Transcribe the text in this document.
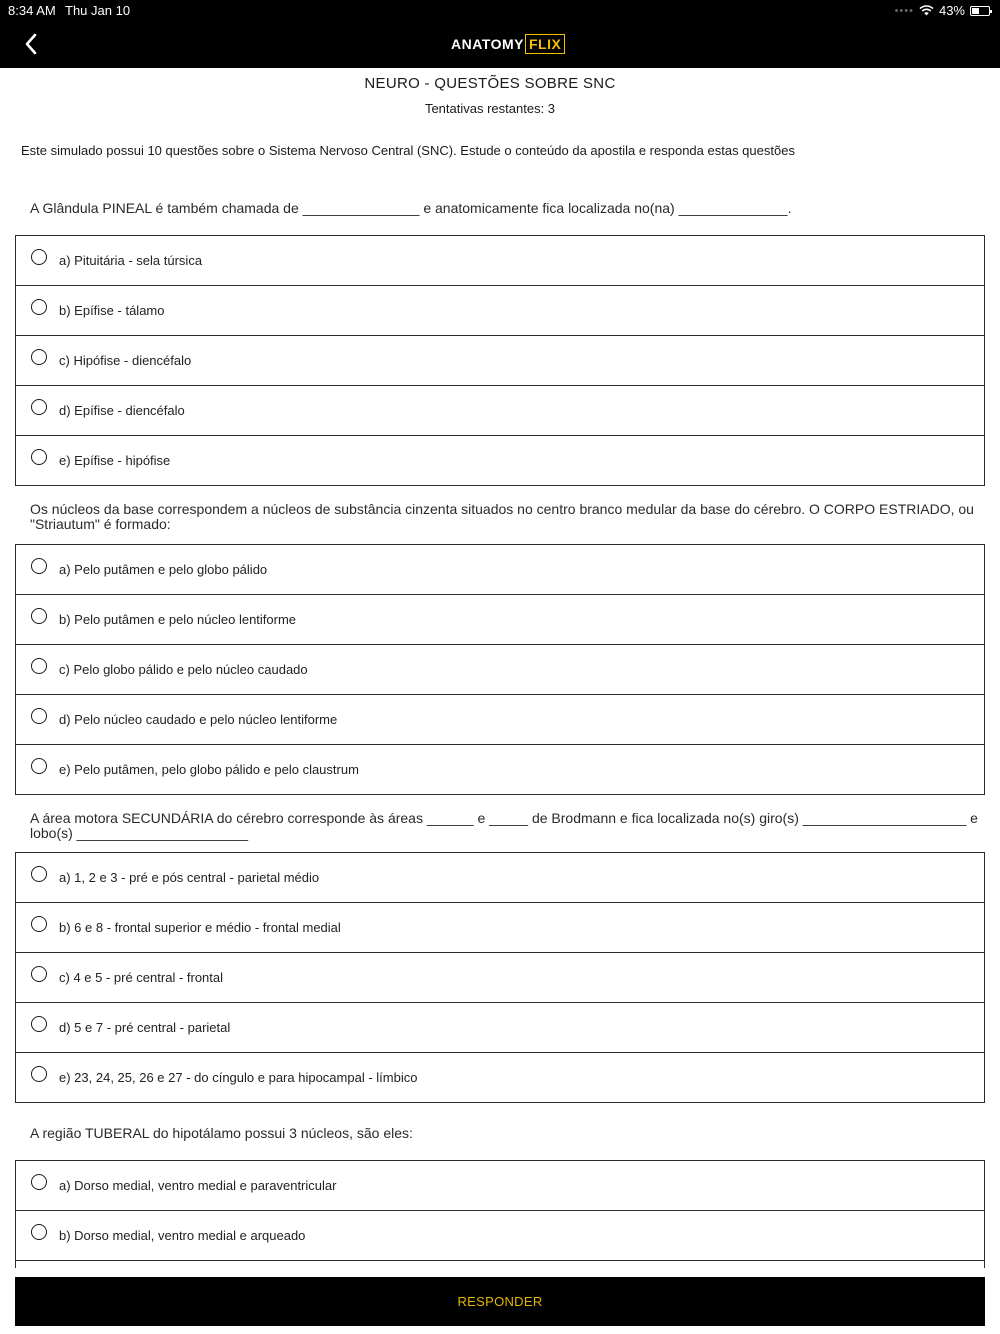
8:34 AM Thu Jan 10	•••• 43%
ANATOMY FLIX
NEURO - QUESTÕES SOBRE SNC
Tentativas restantes: 3
Este simulado possui 10 questões sobre o Sistema Nervoso Central (SNC). Estude o conteúdo da apostila e responda estas questões
A Glândula PINEAL é também chamada de _______________ e anatomicamente fica localizada no(na) ______________.
a) Pituitária - sela túrsica
b) Epífise - tálamo
c) Hipófise - diencéfalo
d) Epífise - diencéfalo
e) Epífise - hipófise
Os núcleos da base correspondem a núcleos de substância cinzenta situados no centro branco medular da base do cérebro. O CORPO ESTRIADO, ou "Striautum" é formado:
a) Pelo putâmen e pelo globo pálido
b) Pelo putâmen e pelo núcleo lentiforme
c) Pelo globo pálido e pelo núcleo caudado
d) Pelo núcleo caudado e pelo núcleo lentiforme
e) Pelo putâmen, pelo globo pálido e pelo claustrum
A área motora SECUNDÁRIA do cérebro corresponde às áreas ______ e _____ de Brodmann e fica localizada no(s) giro(s) _____________________ e lobo(s) ______________________
a) 1, 2 e 3 - pré e pós central - parietal médio
b) 6 e 8 - frontal superior e médio - frontal medial
c) 4 e 5 - pré central - frontal
d) 5 e 7 - pré central - parietal
e) 23, 24, 25, 26 e 27 - do cíngulo e para hipocampal - límbico
A região TUBERAL do hipotálamo possui 3 núcleos, são eles:
a) Dorso medial, ventro medial e paraventricular
b) Dorso medial, ventro medial e arqueado
RESPONDER
